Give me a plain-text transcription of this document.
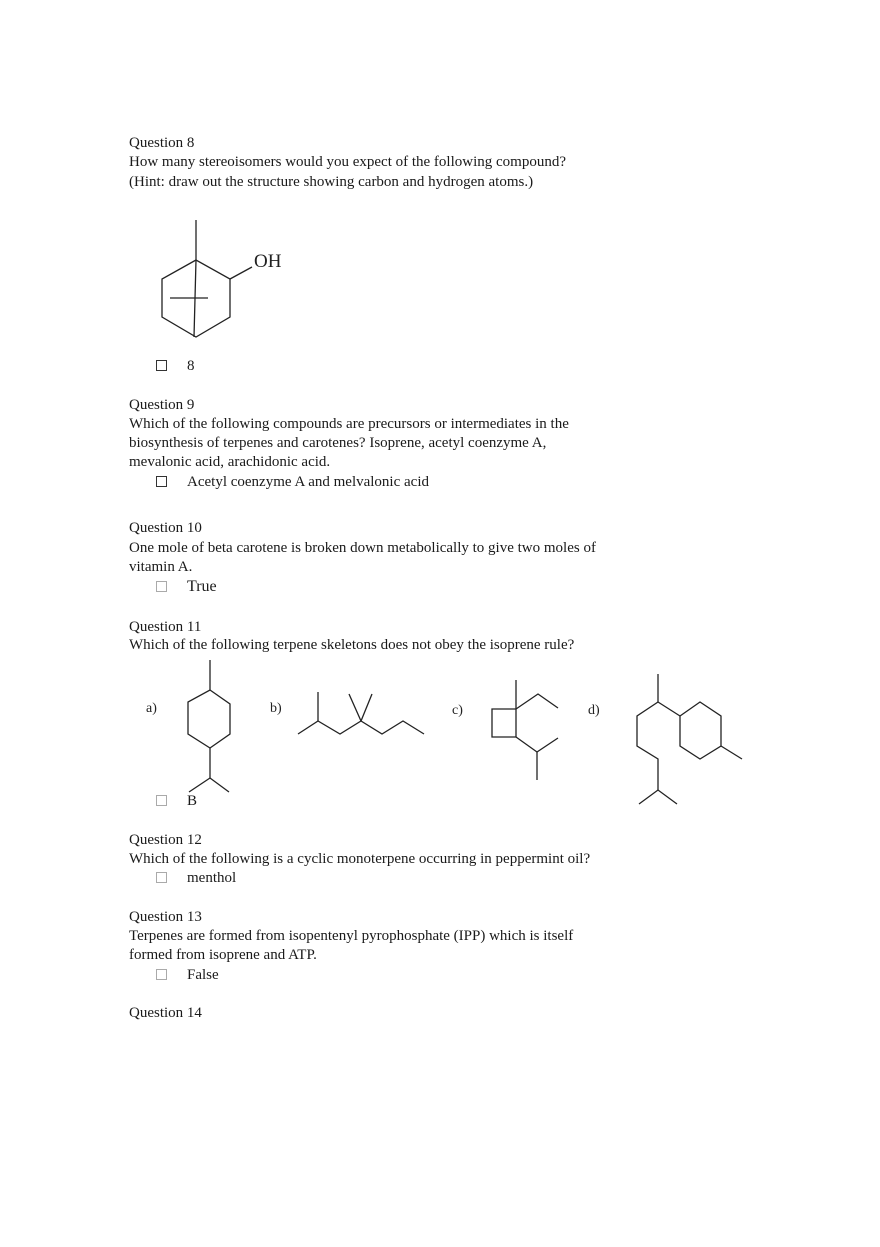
Question 8
How many stereoisomers would you expect of the following compound?
(Hint: draw out the structure showing carbon and hydrogen atoms.)
OH
a)	b)	c)	d)
8
Question 9
Which of the following compounds are precursors or intermediates in the
biosynthesis of terpenes and carotenes? Isoprene, acetyl coenzyme A,
mevalonic acid, arachidonic acid.
Acetyl coenzyme A and melvalonic acid
Question 10
One mole of beta carotene is broken down metabolically to give two moles of
vitamin A.
True
Question 11
Which of the following terpene skeletons does not obey the isoprene rule?
B
Question 12
Which of the following is a cyclic monoterpene occurring in peppermint oil?
menthol
Question 13
Terpenes are formed from isopentenyl pyrophosphate (IPP) which is itself
formed from isoprene and ATP.
False
Question 14
